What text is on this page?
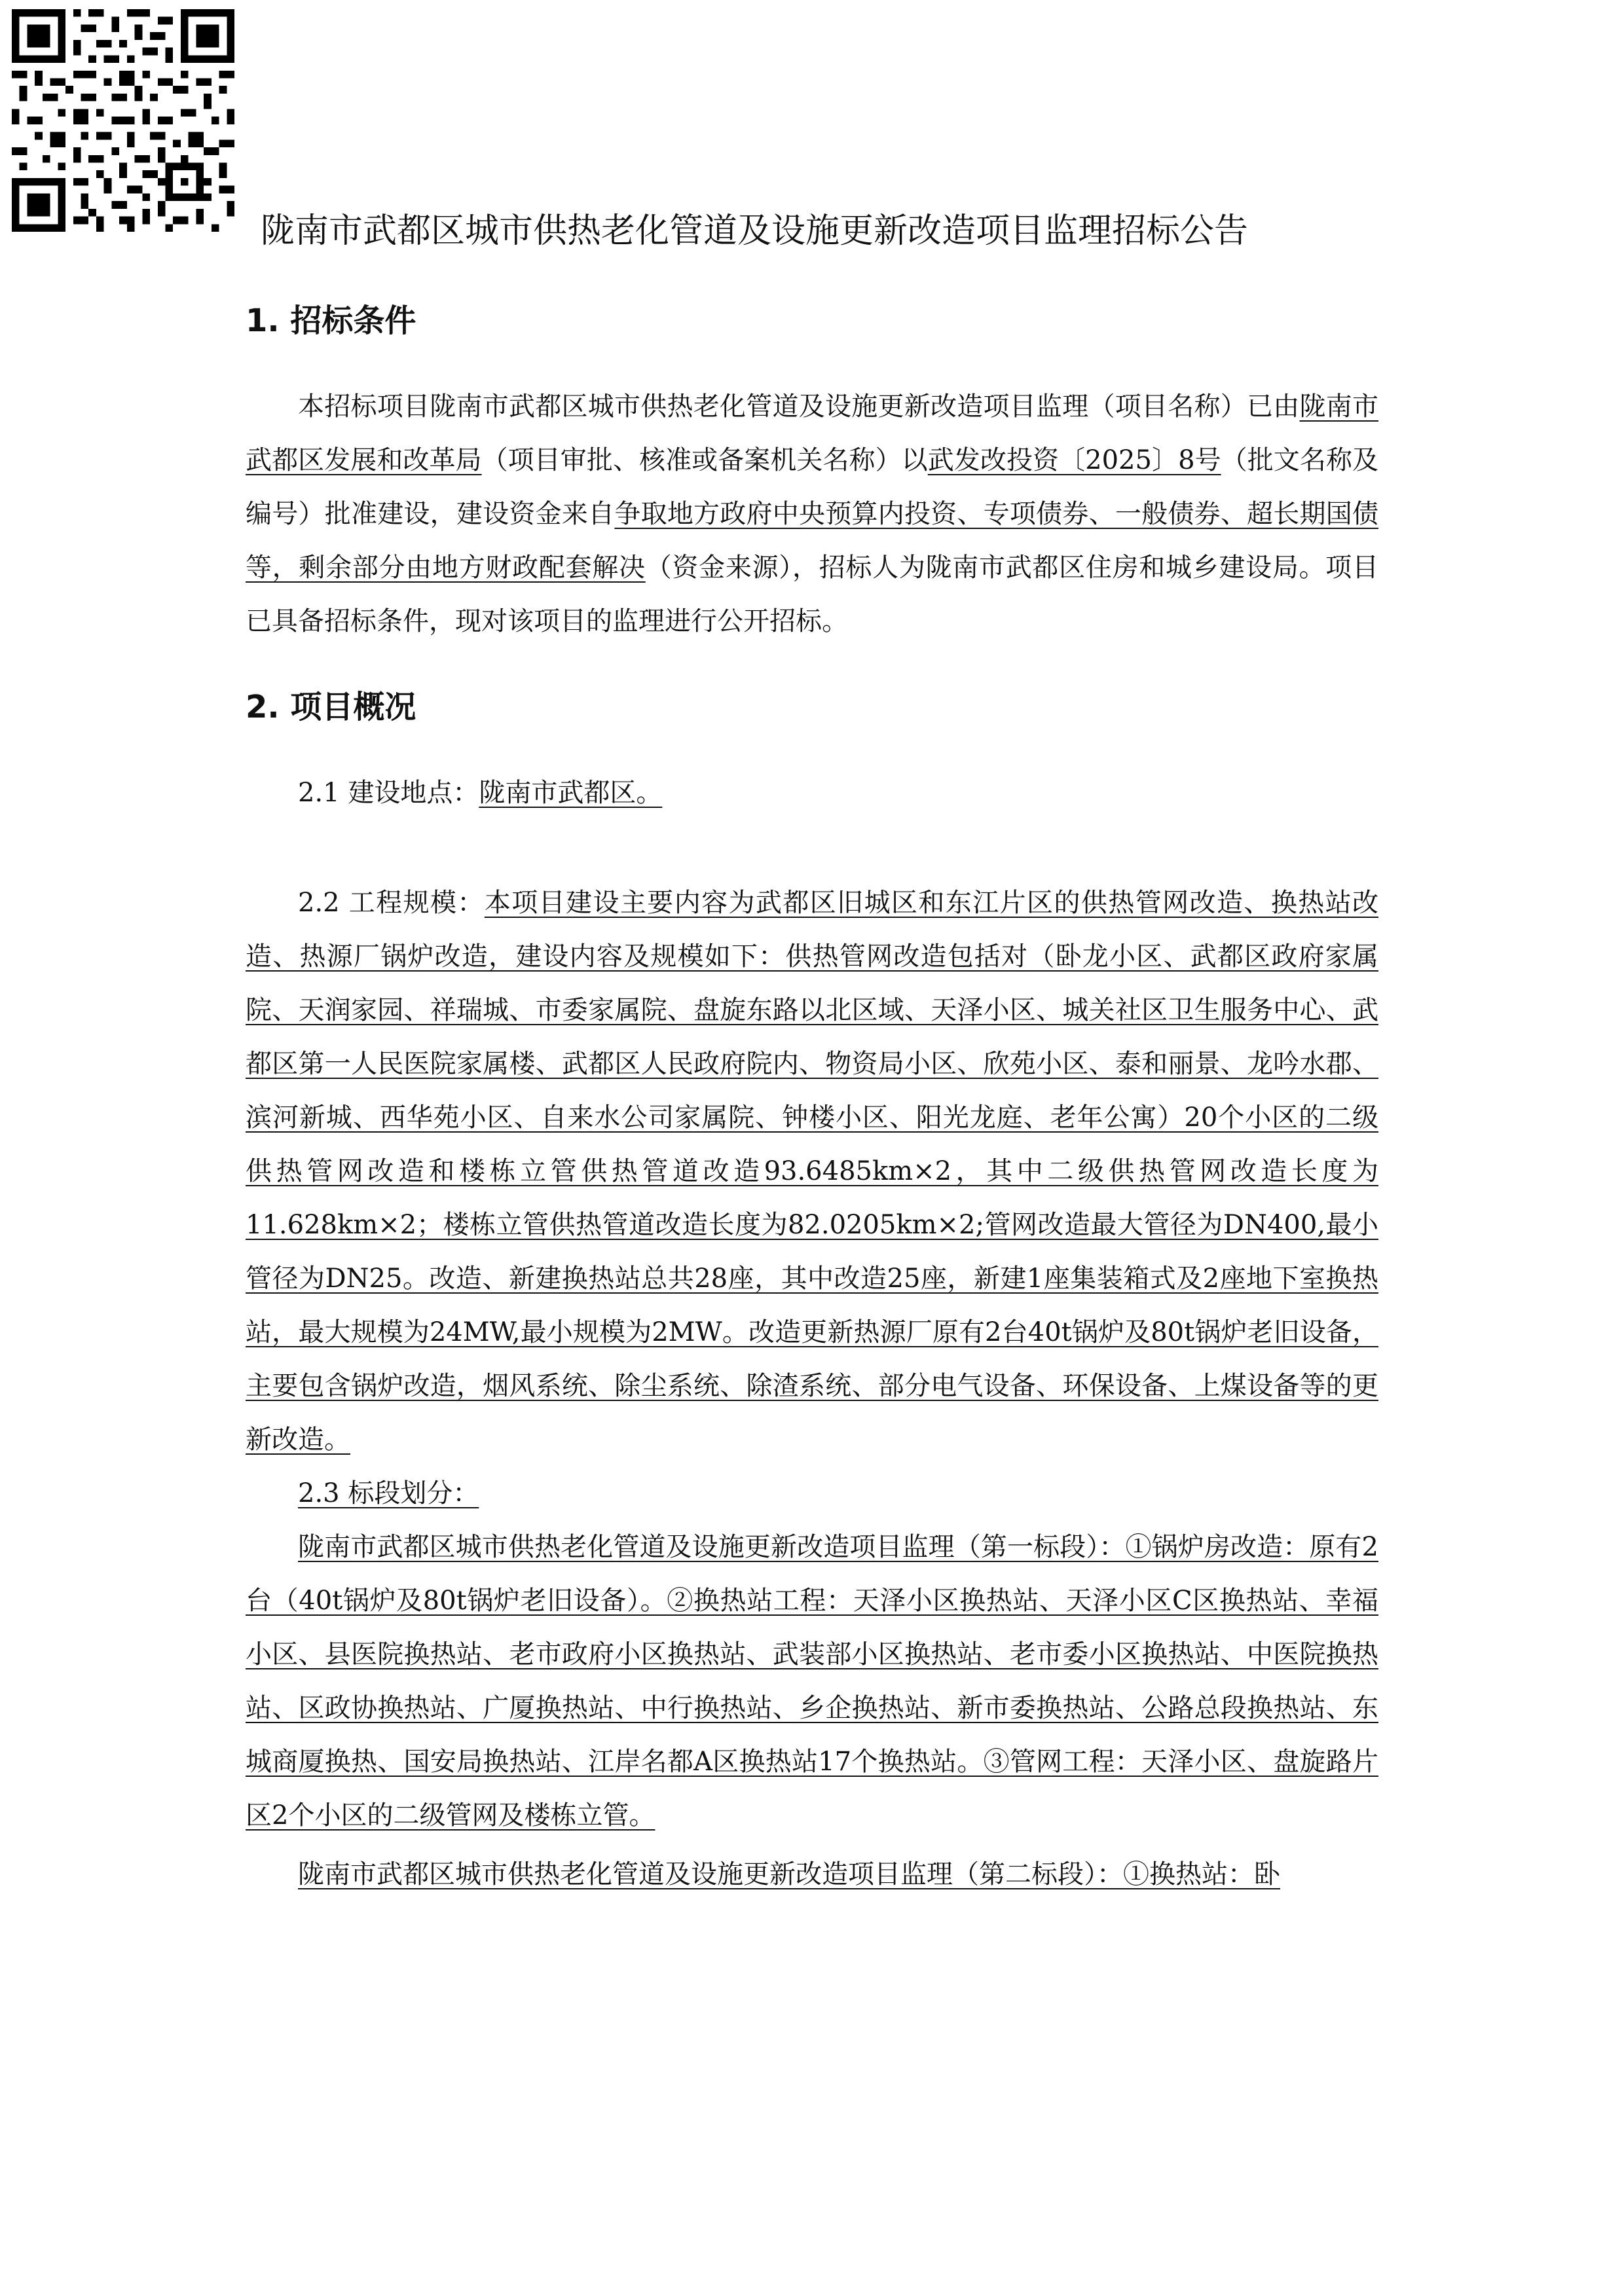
陇南市武都区城市供热老化管道及设施更新改造项目监理招标公告
1. 招标条件

本招标项目陇南市武都区城市供热老化管道及设施更新改造项目监理（项目名称）已由陇南市武都区发展和改革局（项目审批、核准或备案机关名称）以武发改投资〔2025〕8号（批文名称及编号）批准建设，建设资金来自争取地方政府中央预算内投资、专项债券、一般债券、超长期国债等，剩余部分由地方财政配套解决（资金来源），招标人为陇南市武都区住房和城乡建设局。项目已具备招标条件，现对该项目的监理进行公开招标。

2. 项目概况

2.1 建设地点：陇南市武都区。

2.2 工程规模：本项目建设主要内容为武都区旧城区和东江片区的供热管网改造、换热站改造、热源厂锅炉改造，建设内容及规模如下：供热管网改造包括对（卧龙小区、武都区政府家属院、天润家园、祥瑞城、市委家属院、盘旋东路以北区域、天泽小区、城关社区卫生服务中心、武都区第一人民医院家属楼、武都区人民政府院内、物资局小区、欣苑小区、泰和丽景、龙吟水郡、滨河新城、西华苑小区、自来水公司家属院、钟楼小区、阳光龙庭、老年公寓）20个小区的二级供热管网改造和楼栋立管供热管道改造93.6485km×2，其中二级供热管网改造长度为11.628km×2；楼栋立管供热管道改造长度为82.0205km×2;管网改造最大管径为DN400,最小管径为DN25。改造、新建换热站总共28座，其中改造25座，新建1座集装箱式及2座地下室换热站，最大规模为24MW,最小规模为2MW。改造更新热源厂原有2台40t锅炉及80t锅炉老旧设备，主要包含锅炉改造，烟风系统、除尘系统、除渣系统、部分电气设备、环保设备、上煤设备等的更新改造。

2.3 标段划分：

陇南市武都区城市供热老化管道及设施更新改造项目监理（第一标段）：①锅炉房改造：原有2台（40t锅炉及80t锅炉老旧设备）。②换热站工程：天泽小区换热站、天泽小区C区换热站、幸福小区、县医院换热站、老市政府小区换热站、武装部小区换热站、老市委小区换热站、中医院换热站、区政协换热站、广厦换热站、中行换热站、乡企换热站、新市委换热站、公路总段换热站、东城商厦换热、国安局换热站、江岸名都A区换热站17个换热站。③管网工程：天泽小区、盘旋路片区2个小区的二级管网及楼栋立管。

陇南市武都区城市供热老化管道及设施更新改造项目监理（第二标段）：①换热站：卧
